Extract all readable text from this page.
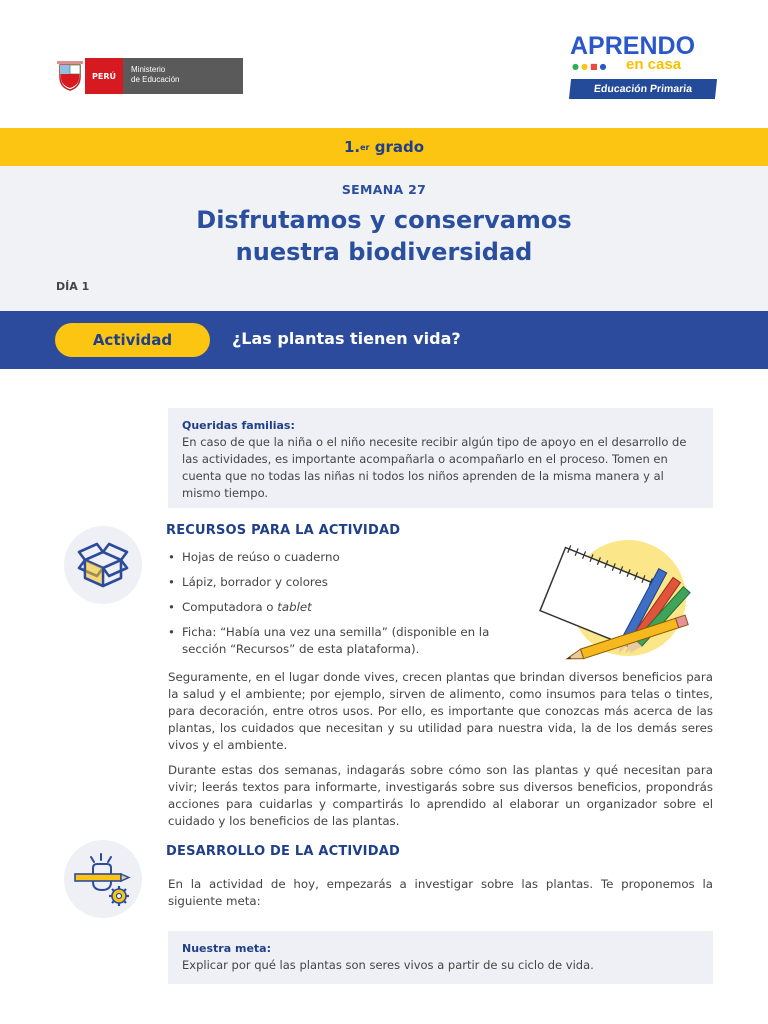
PERÚ
Ministerio
de Educación
APRENDO
●●■● en casa
Educación Primaria
1. er
grado
SEMANA 27
Disfrutamos y conservamos
nuestra biodiversidad
DÍA 1
Actividad	¿Las plantas tienen vida?
Queridas familias:
En caso de que la niña o el niño necesite recibir algún tipo de apoyo en el desarrollo de las actividades, es importante acompañarla o acompañarlo en el proceso. Tomen en cuenta que no todas las niñas ni todos los niños aprenden de la misma manera y al mismo tiempo.
RECURSOS PARA LA ACTIVIDAD
• Hojas de reúso o cuaderno
• Lápiz, borrador y colores
• Computadora o tablet
• Ficha: “Había una vez una semilla” (disponible en la sección “Recursos” de esta plataforma).
Seguramente, en el lugar donde vives, crecen plantas que brindan diversos beneficios para la salud y el ambiente; por ejemplo, sirven de alimento, como insumos para telas o tintes, para decoración, entre otros usos. Por ello, es importante que conozcas más acerca de las plantas, los cuidados que necesitan y su utilidad para nuestra vida, la de los demás seres vivos y el ambiente.
Durante estas dos semanas, indagarás sobre cómo son las plantas y qué necesitan para vivir; leerás textos para informarte, investigarás sobre sus diversos beneficios, propondrás acciones para cuidarlas y compartirás lo aprendido al elaborar un organizador sobre el cuidado y los beneficios de las plantas.
DESARROLLO DE LA ACTIVIDAD
En la actividad de hoy, empezarás a investigar sobre las plantas. Te proponemos la siguiente meta:
Nuestra meta:
Explicar por qué las plantas son seres vivos a partir de su ciclo de vida.
